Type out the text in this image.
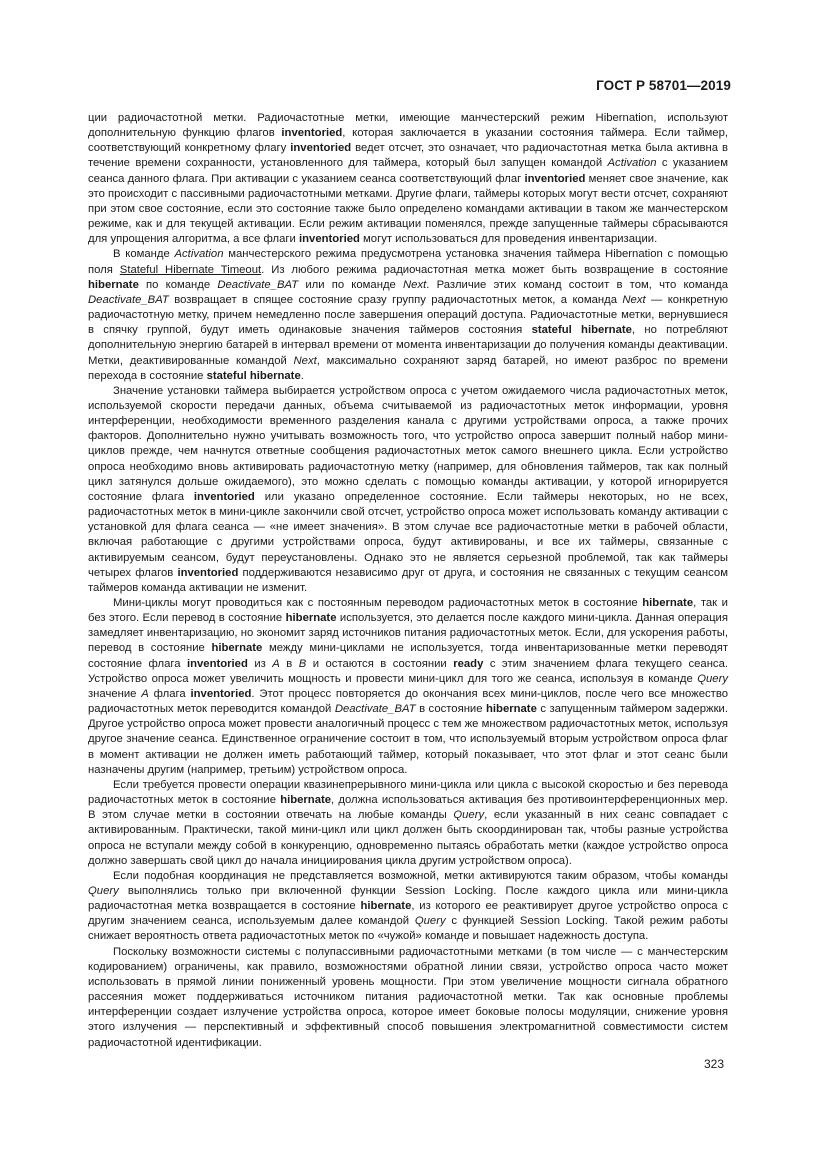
ГОСТ Р 58701—2019

ции радиочастотной метки. Радиочастотные метки, имеющие манчестерский режим Hibernation, используют дополнительную функцию флагов inventoried, которая заключается в указании состояния таймера. Если таймер, соответствующий конкретному флагу inventoried ведет отсчет, это означает, что радиочастотная метка была активна в течение времени сохранности, установленного для таймера, который был запущен командой Activation с указанием сеанса данного флага. При активации с указанием сеанса соответствующий флаг inventoried меняет свое значение, как это происходит с пассивными радиочастотными метками. Другие флаги, таймеры которых могут вести отсчет, сохраняют при этом свое состояние, если это состояние также было определено командами активации в таком же манчестерском режиме, как и для текущей активации. Если режим активации поменялся, прежде запущенные таймеры сбрасываются для упрощения алгоритма, а все флаги inventoried могут использоваться для проведения инвентаризации.

В команде Activation манчестерского режима предусмотрена установка значения таймера Hibernation с помощью поля Stateful Hibernate Timeout. Из любого режима радиочастотная метка может быть возвращение в состояние hibernate по команде Deactivate_BAT или по команде Next. Различие этих команд состоит в том, что команда Deactivate_BAT возвращает в спящее состояние сразу группу радиочастотных меток, а команда Next — конкретную радиочастотную метку, причем немедленно после завершения операций доступа. Радиочастотные метки, вернувшиеся в спячку группой, будут иметь одинаковые значения таймеров состояния stateful hibernate, но потребляют дополнительную энергию батарей в интервал времени от момента инвентаризации до получения команды деактивации. Метки, деактивированные командой Next, максимально сохраняют заряд батарей, но имеют разброс по времени перехода в состояние stateful hibernate.

Значение установки таймера выбирается устройством опроса с учетом ожидаемого числа радиочастотных меток, используемой скорости передачи данных, объема считываемой из радиочастотных меток информации, уровня интерференции, необходимости временного разделения канала с другими устройствами опроса, а также прочих факторов. Дополнительно нужно учитывать возможность того, что устройство опроса завершит полный набор мини-циклов прежде, чем начнутся ответные сообщения радиочастотных меток самого внешнего цикла. Если устройство опроса необходимо вновь активировать радиочастотную метку (например, для обновления таймеров, так как полный цикл затянулся дольше ожидаемого), это можно сделать с помощью команды активации, у которой игнорируется состояние флага inventoried или указано определенное состояние. Если таймеры некоторых, но не всех, радиочастотных меток в мини-цикле закончили свой отсчет, устройство опроса может использовать команду активации с установкой для флага сеанса — «не имеет значения». В этом случае все радиочастотные метки в рабочей области, включая работающие с другими устройствами опроса, будут активированы, и все их таймеры, связанные с активируемым сеансом, будут переустановлены. Однако это не является серьезной проблемой, так как таймеры четырех флагов inventoried поддерживаются независимо друг от друга, и состояния не связанных с текущим сеансом таймеров команда активации не изменит.

Мини-циклы могут проводиться как с постоянным переводом радиочастотных меток в состояние hibernate, так и без этого. Если перевод в состояние hibernate используется, это делается после каждого мини-цикла. Данная операция замедляет инвентаризацию, но экономит заряд источников питания радиочастотных меток. Если, для ускорения работы, перевод в состояние hibernate между мини-циклами не используется, тогда инвентаризованные метки переводят состояние флага inventoried из A в B и остаются в состоянии ready с этим значением флага текущего сеанса. Устройство опроса может увеличить мощность и провести мини-цикл для того же сеанса, используя в команде Query значение A флага inventoried. Этот процесс повторяется до окончания всех мини-циклов, после чего все множество радиочастотных меток переводится командой Deactivate_BAT в состояние hibernate с запущенным таймером задержки. Другое устройство опроса может провести аналогичный процесс с тем же множеством радиочастотных меток, используя другое значение сеанса. Единственное ограничение состоит в том, что используемый вторым устройством опроса флаг в момент активации не должен иметь работающий таймер, который показывает, что этот флаг и этот сеанс были назначены другим (например, третьим) устройством опроса.

Если требуется провести операции квазинепрерывного мини-цикла или цикла с высокой скоростью и без перевода радиочастотных меток в состояние hibernate, должна использоваться активация без противоинтерференционных мер. В этом случае метки в состоянии отвечать на любые команды Query, если указанный в них сеанс совпадает с активированным. Практически, такой мини-цикл или цикл должен быть скоординирован так, чтобы разные устройства опроса не вступали между собой в конкуренцию, одновременно пытаясь обработать метки (каждое устройство опроса должно завершать свой цикл до начала инициирования цикла другим устройством опроса).

Если подобная координация не представляется возможной, метки активируются таким образом, чтобы команды Query выполнялись только при включенной функции Session Locking. После каждого цикла или мини-цикла радиочастотная метка возвращается в состояние hibernate, из которого ее реактивирует другое устройство опроса с другим значением сеанса, используемым далее командой Query с функцией Session Locking. Такой режим работы снижает вероятность ответа радиочастотных меток по «чужой» команде и повышает надежность доступа.

Поскольку возможности системы с полупассивными радиочастотными метками (в том числе — с манчестерским кодированием) ограничены, как правило, возможностями обратной линии связи, устройство опроса часто может использовать в прямой линии пониженный уровень мощности. При этом увеличение мощности сигнала обратного рассеяния может поддерживаться источником питания радиочастотной метки. Так как основные проблемы интерференции создает излучение устройства опроса, которое имеет боковые полосы модуляции, снижение уровня этого излучения — перспективный и эффективный способ повышения электромагнитной совместимости систем радиочастотной идентификации.

323
